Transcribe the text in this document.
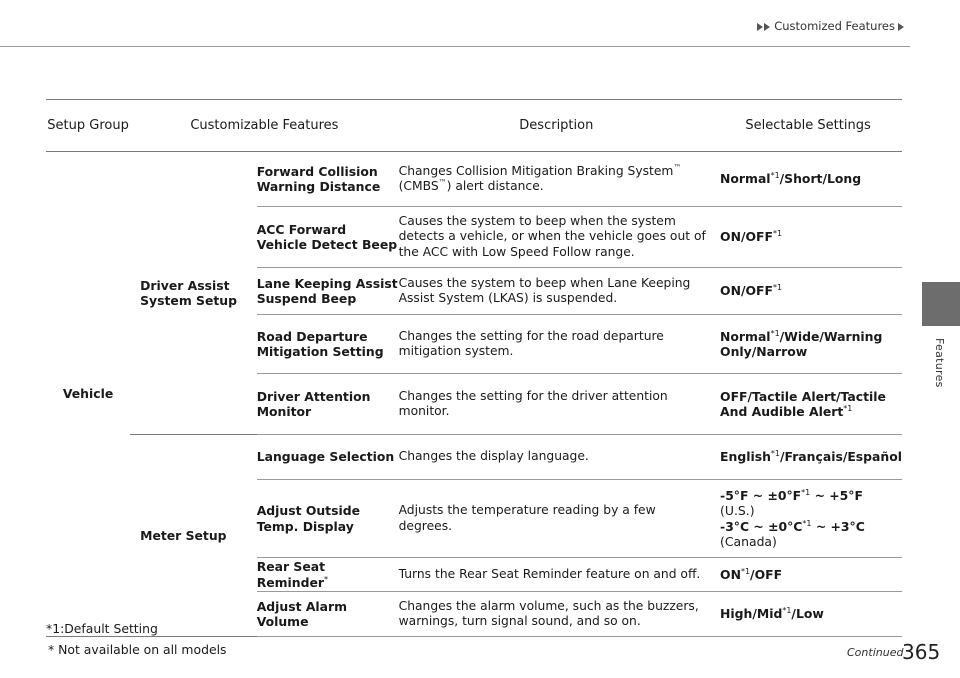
Customized Features
Features
Setup Group	Customizable Features		Description	Selectable Settings
Vehicle	Driver Assist System Setup	Forward Collision Warning Distance	Changes Collision Mitigation Braking System™ (CMBS™) alert distance.	Normal$^{*1}$/Short/Long
		ACC Forward Vehicle Detect Beep	Causes the system to beep when the system detects a vehicle, or when the vehicle goes out of the ACC with Low Speed Follow range.	ON/OFF$^{*1}$
		Lane Keeping Assist Suspend Beep	Causes the system to beep when Lane Keeping Assist System (LKAS) is suspended.	ON/OFF$^{*1}$
		Road Departure Mitigation Setting	Changes the setting for the road departure mitigation system.	Normal$^{*1}$/Wide/Warning Only/Narrow
		Driver Attention Monitor	Changes the setting for the driver attention monitor.	OFF/Tactile Alert/Tactile And Audible Alert$^{*1}$
	Meter Setup	Language Selection	Changes the display language.	English$^{*1}$/Français/Español
		Adjust Outside Temp. Display	Adjusts the temperature reading by a few degrees.	-5°F ~ $\pm 0^\circ F^{*1}$ ~ +5°F
(U.S.)
-3°C ~ $\pm 0^\circ C^{*1}$ ~ +3°C
(Canada)

		Rear Seat Reminder*	Turns the Rear Seat Reminder feature on and off.	ON$^{*1}$/OFF
		Adjust Alarm Volume	Changes the alarm volume, such as the buzzers, warnings, turn signal sound, and so on.	High/Mid$^{*1}$/Low
*1:Default Setting
* Not available on all models	Continued
365
